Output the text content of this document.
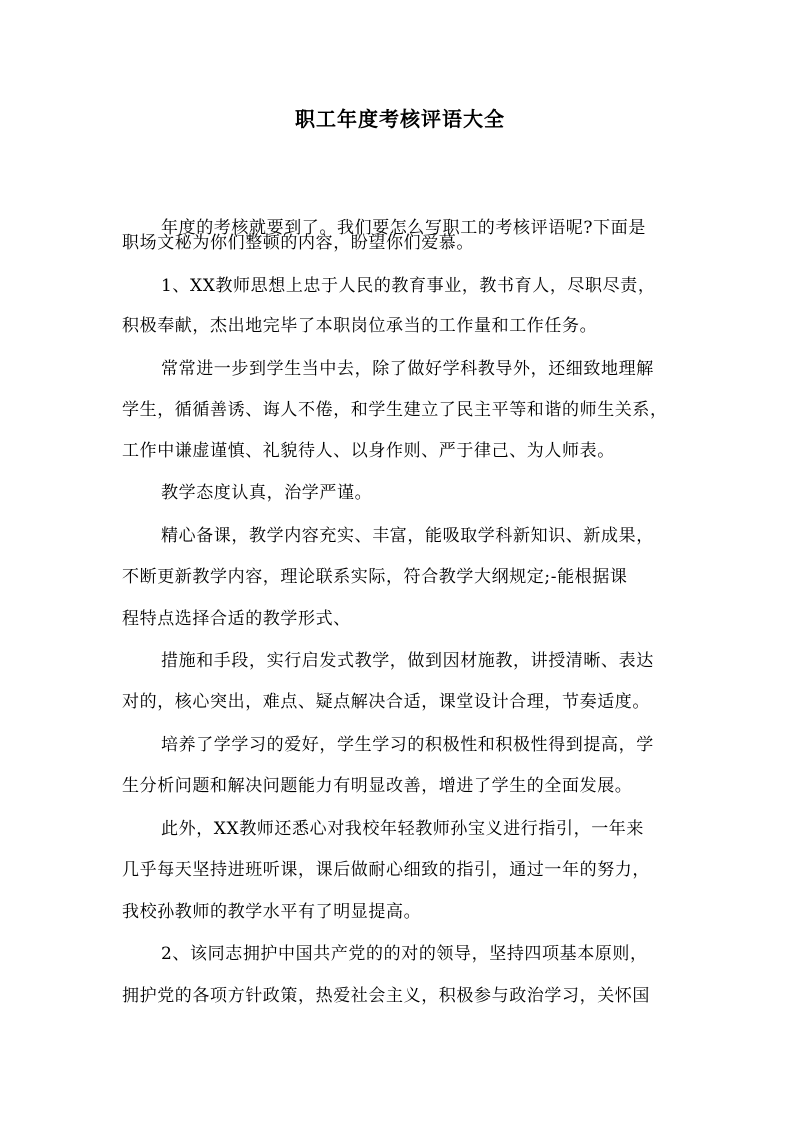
职工年度考核评语大全
年度的考核就要到了。我们要怎么写职工的考核评语呢?下面是
职场文秘为你们整顿的内容，盼望你们爱慕。
1、XX教师思想上忠于人民的教育事业，教书育人，尽职尽责，
积极奉献，杰出地完毕了本职岗位承当的工作量和工作任务。
常常进一步到学生当中去，除了做好学科教导外，还细致地理解
学生，循循善诱、诲人不倦，和学生建立了民主平等和谐的师生关系，
工作中谦虚谨慎、礼貌待人、以身作则、严于律己、为人师表。
教学态度认真，治学严谨。
精心备课，教学内容充实、丰富，能吸取学科新知识、新成果，
不断更新教学内容，理论联系实际，符合教学大纲规定;-能根据课
程特点选择合适的教学形式、
措施和手段，实行启发式教学，做到因材施教，讲授清晰、表达
对的，核心突出，难点、疑点解决合适，课堂设计合理，节奏适度。
培养了学学习的爱好，学生学习的积极性和积极性得到提高，学
生分析问题和解决问题能力有明显改善，增进了学生的全面发展。
此外，XX教师还悉心对我校年轻教师孙宝义进行指引，一年来
几乎每天坚持进班听课，课后做耐心细致的指引，通过一年的努力，
我校孙教师的教学水平有了明显提高。
2、该同志拥护中国共产党的的对的领导，坚持四项基本原则，
拥护党的各项方针政策，热爱社会主义，积极参与政治学习，关怀国
